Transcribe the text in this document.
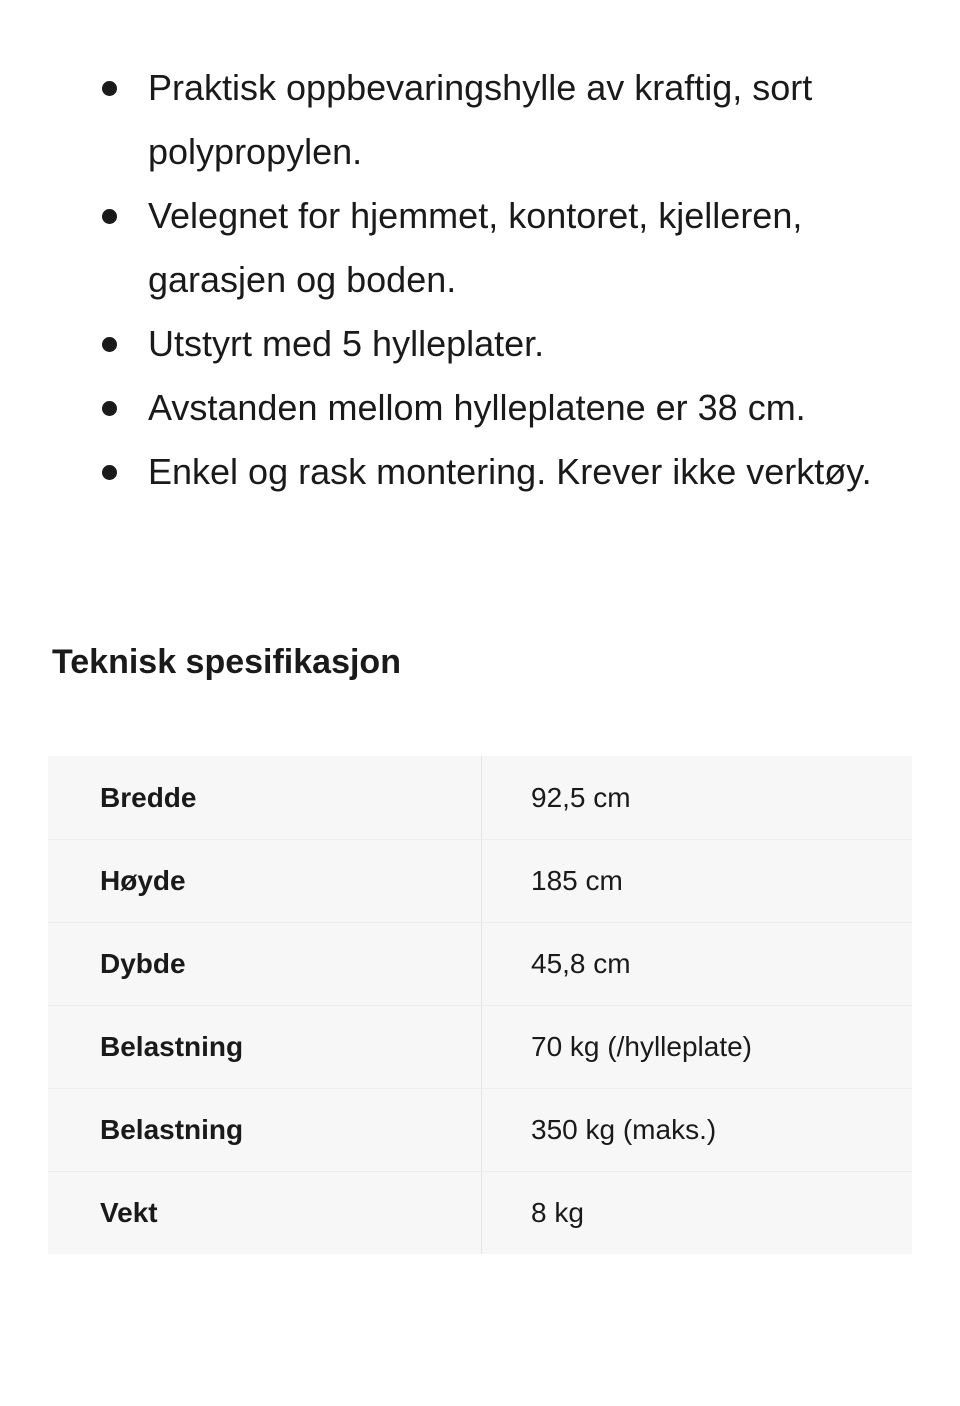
Praktisk oppbevaringshylle av kraftig, sort polypropylen.
Velegnet for hjemmet, kontoret, kjelleren, garasjen og boden.
Utstyrt med 5 hylleplater.
Avstanden mellom hylleplatene er 38 cm.
Enkel og rask montering. Krever ikke verktøy.
Teknisk spesifikasjon
Bredde	92,5 cm
Høyde	185 cm
Dybde	45,8 cm
Belastning	70 kg (/hylleplate)
Belastning	350 kg (maks.)
Vekt	8 kg
